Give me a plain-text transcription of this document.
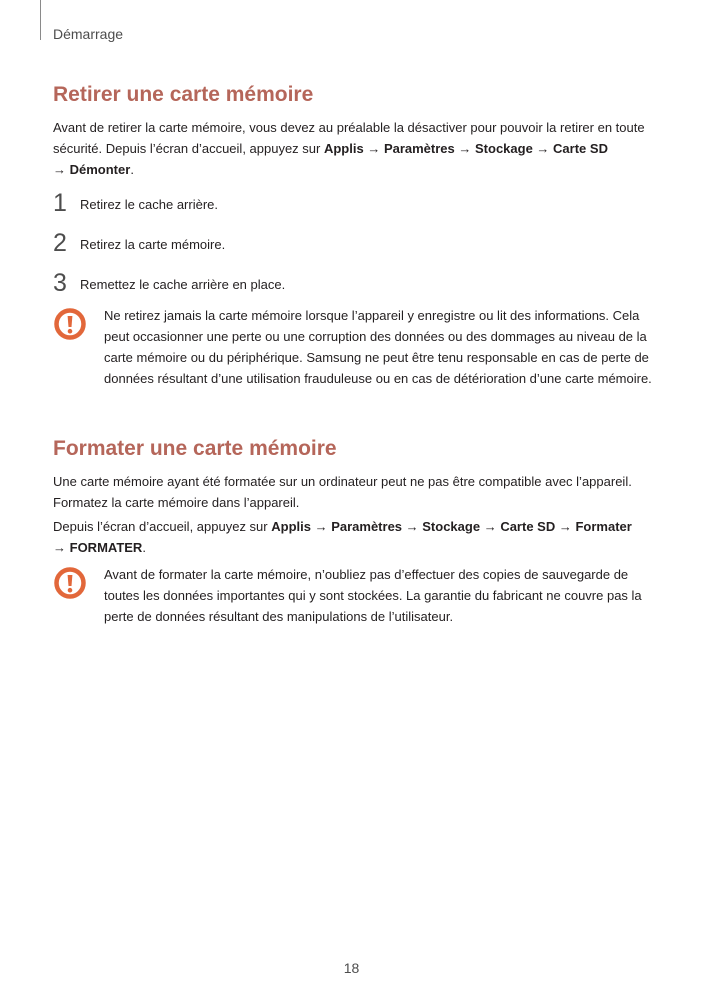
Démarrage
Retirer une carte mémoire

Avant de retirer la carte mémoire, vous devez au préalable la désactiver pour pouvoir la retirer en toute sécurité. Depuis l’écran d’accueil, appuyez sur Applis → Paramètres → Stockage → Carte SD
→ Démonter.

1 Retirez le cache arrière.
2 Retirez la carte mémoire.
3 Remettez le cache arrière en place.

Ne retirez jamais la carte mémoire lorsque l’appareil y enregistre ou lit des informations. Cela peut occasionner une perte ou une corruption des données ou des dommages au niveau de la carte mémoire ou du périphérique. Samsung ne peut être tenu responsable en cas de perte de données résultant d’une utilisation frauduleuse ou en cas de détérioration d’une carte mémoire.

Formater une carte mémoire

Une carte mémoire ayant été formatée sur un ordinateur peut ne pas être compatible avec l’appareil. Formatez la carte mémoire dans l’appareil.

Depuis l’écran d’accueil, appuyez sur Applis → Paramètres → Stockage → Carte SD → Formater
→ FORMATER.

Avant de formater la carte mémoire, n’oubliez pas d’effectuer des copies de sauvegarde de toutes les données importantes qui y sont stockées. La garantie du fabricant ne couvre pas la perte de données résultant des manipulations de l’utilisateur.

18
